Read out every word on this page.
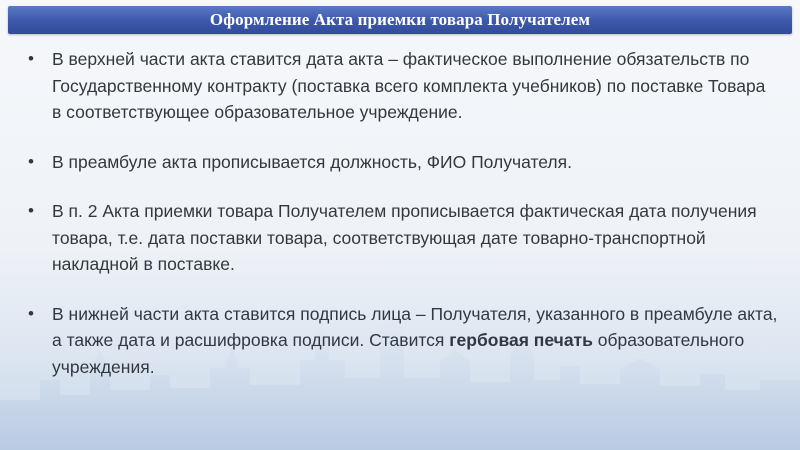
Оформление Акта приемки товара Получателем
• В верхней части акта ставится дата акта – фактическое выполнение обязательств по Государственному контракту (поставка всего комплекта учебников) по поставке Товара в соответствующее образовательное учреждение.
• В преамбуле акта прописывается должность, ФИО Получателя.
• В п. 2 Акта приемки товара Получателем прописывается фактическая дата получения товара, т.е. дата поставки товара, соответствующая дате товарно-транспортной накладной в поставке.
• В нижней части акта ставится подпись лица – Получателя, указанного в преамбуле акта, а также дата и расшифровка подписи. Ставится гербовая печать образовательного учреждения.
